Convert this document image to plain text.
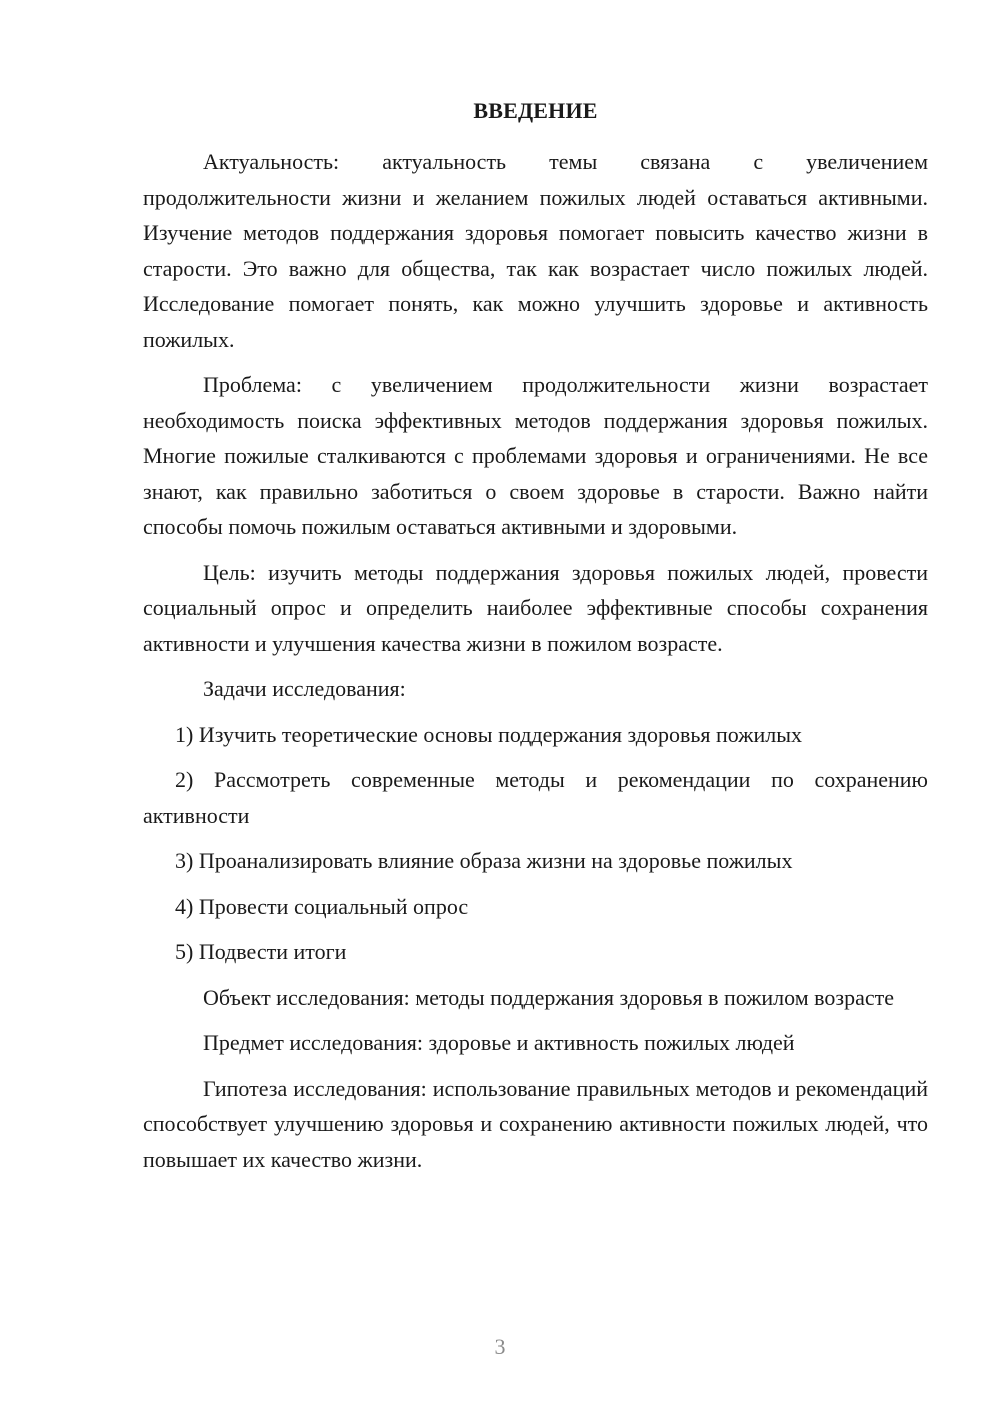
ВВЕДЕНИЕ

Актуальность: актуальность темы связана с увеличением продолжительности жизни и желанием пожилых людей оставаться активными. Изучение методов поддержания здоровья помогает повысить качество жизни в старости. Это важно для общества, так как возрастает число пожилых людей. Исследование помогает понять, как можно улучшить здоровье и активность пожилых.

Проблема: с увеличением продолжительности жизни возрастает необходимость поиска эффективных методов поддержания здоровья пожилых. Многие пожилые сталкиваются с проблемами здоровья и ограничениями. Не все знают, как правильно заботиться о своем здоровье в старости. Важно найти способы помочь пожилым оставаться активными и здоровыми.

Цель: изучить методы поддержания здоровья пожилых людей, провести социальный опрос и определить наиболее эффективные способы сохранения активности и улучшения качества жизни в пожилом возрасте.

Задачи исследования:

1) Изучить теоретические основы поддержания здоровья пожилых

2) Рассмотреть современные методы и рекомендации по сохранению активности

3) Проанализировать влияние образа жизни на здоровье пожилых

4) Провести социальный опрос

5) Подвести итоги

Объект исследования: методы поддержания здоровья в пожилом возрасте

Предмет исследования: здоровье и активность пожилых людей

Гипотеза исследования: использование правильных методов и рекомендаций способствует улучшению здоровья и сохранению активности пожилых людей, что повышает их качество жизни.

3
